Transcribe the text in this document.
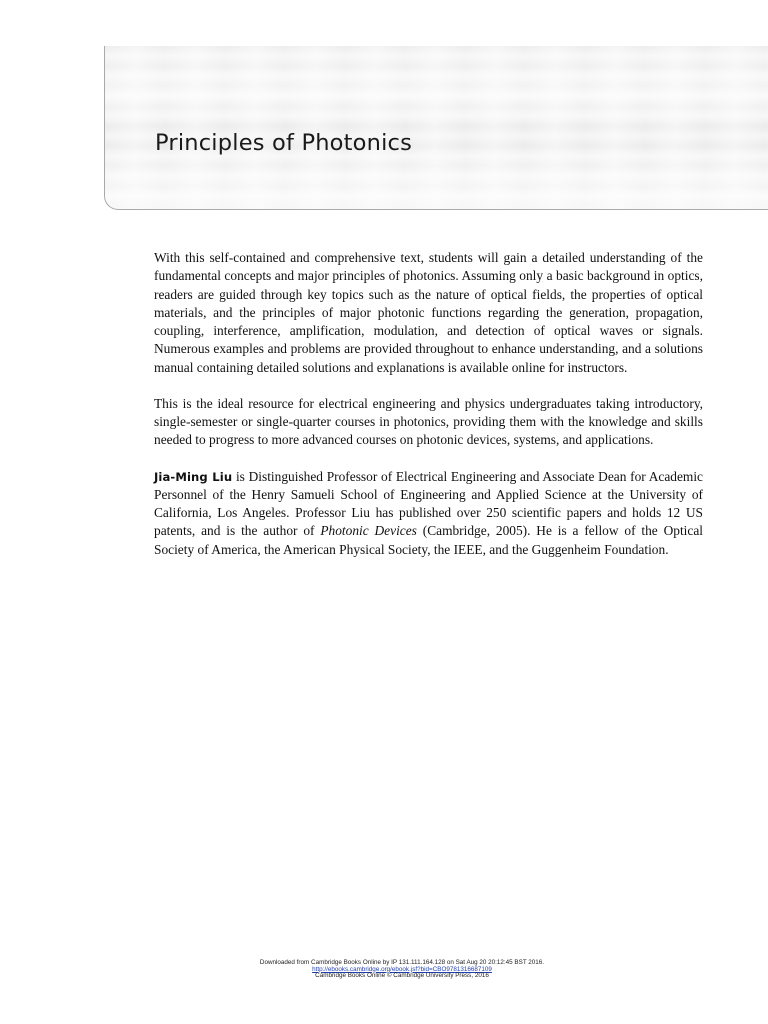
Principles of Photonics

With this self-contained and comprehensive text, students will gain a detailed understanding of the fundamental concepts and major principles of photonics. Assuming only a basic background in optics, readers are guided through key topics such as the nature of optical fields, the properties of optical materials, and the principles of major photonic functions regarding the generation, propagation, coupling, interference, amplification, modulation, and detection of optical waves or signals. Numerous examples and problems are provided throughout to enhance understanding, and a solutions manual containing detailed solutions and explanations is available online for instructors.

This is the ideal resource for electrical engineering and physics undergraduates taking introductory, single-semester or single-quarter courses in photonics, providing them with the knowledge and skills needed to progress to more advanced courses on photonic devices, systems, and applications.

Jia-Ming Liu is Distinguished Professor of Electrical Engineering and Associate Dean for Academic Personnel of the Henry Samueli School of Engineering and Applied Science at the University of California, Los Angeles. Professor Liu has published over 250 scientific papers and holds 12 US patents, and is the author of Photonic Devices (Cambridge, 2005). He is a fellow of the Optical Society of America, the American Physical Society, the IEEE, and the Guggenheim Foundation.

Downloaded from Cambridge Books Online by IP 131.111.164.128 on Sat Aug 20 20:12:45 BST 2016.
http://ebooks.cambridge.org/ebook.jsf?bid=CBO9781316687109
Cambridge Books Online © Cambridge University Press, 2016
